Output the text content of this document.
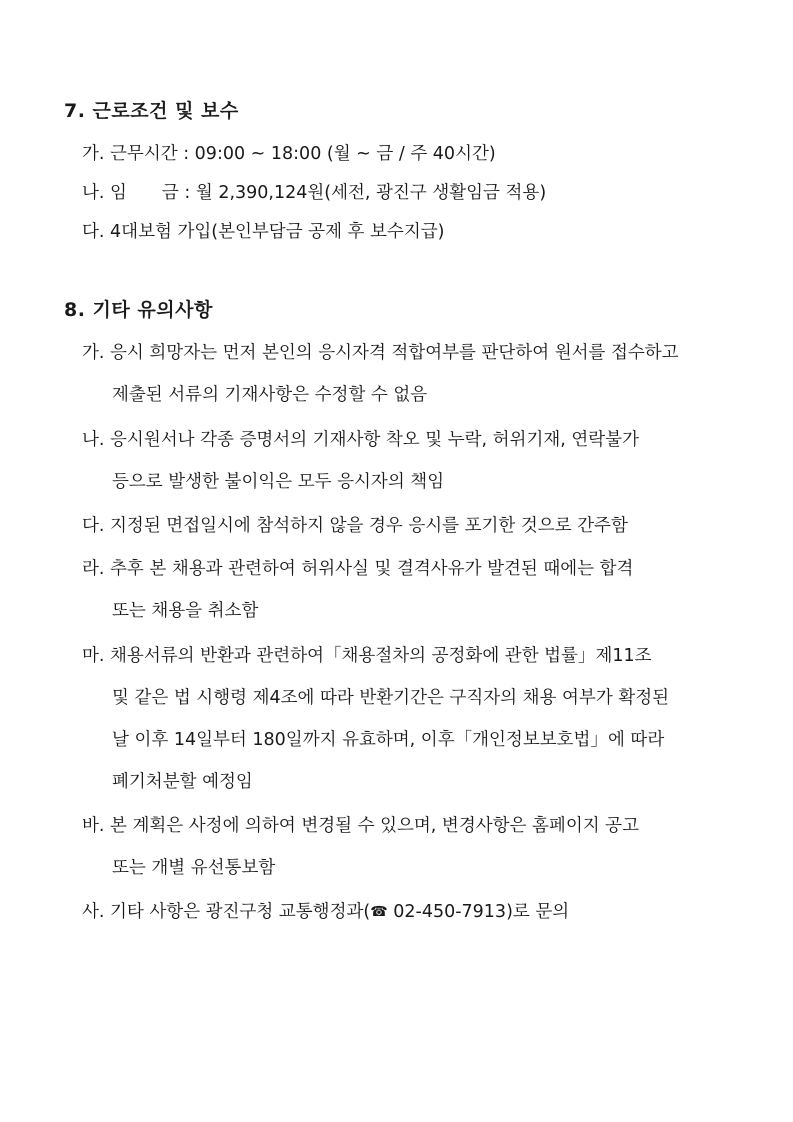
7. 근로조건 및 보수
가. 근무시간 : 09:00 ~ 18:00 (월 ~ 금 / 주 40시간)
나. 임　　금 : 월 2,390,124원(세전, 광진구 생활임금 적용)
다. 4대보험 가입(본인부담금 공제 후 보수지급)
8. 기타 유의사항
가. 응시 희망자는 먼저 본인의 응시자격 적합여부를 판단하여 원서를 접수하고
제출된 서류의 기재사항은 수정할 수 없음
나. 응시원서나 각종 증명서의 기재사항 착오 및 누락, 허위기재, 연락불가
등으로 발생한 불이익은 모두 응시자의 책임
다. 지정된 면접일시에 참석하지 않을 경우 응시를 포기한 것으로 간주함
라. 추후 본 채용과 관련하여 허위사실 및 결격사유가 발견된 때에는 합격
또는 채용을 취소함
마. 채용서류의 반환과 관련하여「채용절차의 공정화에 관한 법률」제11조
및 같은 법 시행령 제4조에 따라 반환기간은 구직자의 채용 여부가 확정된
날 이후 14일부터 180일까지 유효하며, 이후「개인정보보호법」에 따라
폐기처분할 예정임
바. 본 계획은 사정에 의하여 변경될 수 있으며, 변경사항은 홈페이지 공고
또는 개별 유선통보함
사. 기타 사항은 광진구청 교통행정과(☎ 02-450-7913)로 문의
